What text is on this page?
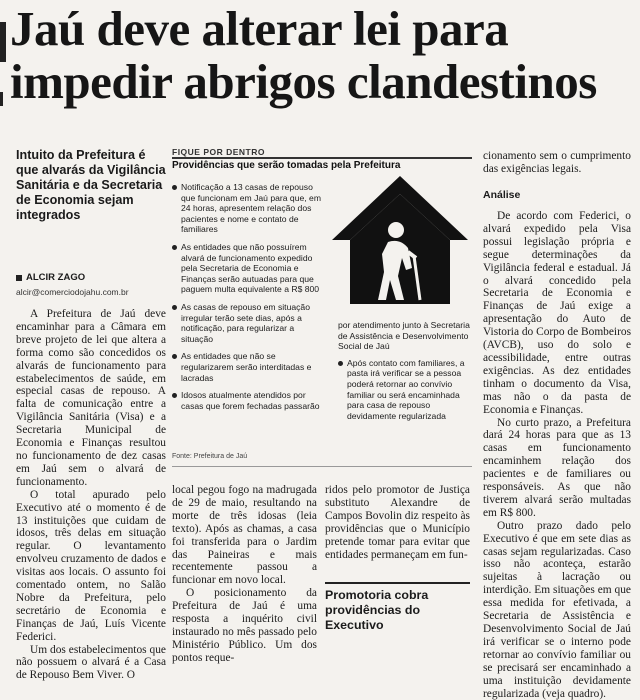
Jaú deve alterar lei para
impedir abrigos clandestinos
Intuito da Prefeitura é que alvarás da Vigilância Sanitária e da Secretaria de Economia sejam integrados
ALCIR ZAGO
alcir@comerciodojahu.com.br

A Prefeitura de Jaú deve encaminhar para a Câmara em breve projeto de lei que altera a forma como são concedidos os alvarás de funcionamento para estabelecimentos de saúde, em especial casas de repouso. A falta de comunicação entre a Vigilância Sanitária (Visa) e a Secretaria Municipal de Economia e Finanças resultou no funcionamento de dez casas em Jaú sem o alvará de funcionamento.

O total apurado pelo Executivo até o momento é de 13 instituições que cuidam de idosos, três delas em situação regular. O levantamento envolveu cruzamento de dados e visitas aos locais. O assunto foi comentado ontem, no Salão Nobre da Prefeitura, pelo secretário de Economia e Finanças de Jaú, Luís Vicente Federici.

Um dos estabelecimentos que não possuem o alvará é a Casa de Repouso Bem Viver. O

FIQUE POR DENTRO
Providências que serão tomadas pela Prefeitura
Notificação a 13 casas de repouso que funcionam em Jaú para que, em 24 horas, apresentem relação dos pacientes e nome e contato de familiares
As entidades que não possuírem alvará de funcionamento expedido pela Secretaria de Economia e Finanças serão autuadas para que paguem multa equivalente a R$ 800
As casas de repouso em situação irregular terão sete dias, após a notificação, para regularizar a situação
As entidades que não se regularizarem serão interditadas e lacradas
Idosos atualmente atendidos por casas que forem fechadas passarão
por atendimento junto à Secretaria de Assistência e Desenvolvimento Social de Jaú
Após contato com familiares, a pasta irá verificar se a pessoa poderá retornar ao convívio familiar ou será encaminhada para casa de repouso devidamente regularizada
Fonte: Prefeitura de Jaú

local pegou fogo na madrugada de 29 de maio, resultando na morte de três idosas (leia texto). Após as chamas, a casa foi transferida para o Jardim das Paineiras e mais recentemente passou a funcionar em novo local.

O posicionamento da Prefeitura de Jaú é uma resposta a inquérito civil instaurado no mês passado pelo Ministério Público. Um dos pontos reque-

ridos pelo promotor de Justiça substituto Alexandre de Campos Bovolin diz respeito às providências que o Município pretende tomar para evitar que entidades permaneçam em fun-

Promotoria cobra providências do Executivo

cionamento sem o cumprimento das exigências legais.

Análise

De acordo com Federici, o alvará expedido pela Visa possui legislação própria e segue determinações da Vigilância federal e estadual. Já o alvará concedido pela Secretaria de Economia e Finanças de Jaú exige a apresentação do Auto de Vistoria do Corpo de Bombeiros (AVCB), uso do solo e acessibilidade, entre outras exigências. As dez entidades tinham o documento da Visa, mas não o da pasta de Economia e Finanças.

No curto prazo, a Prefeitura dará 24 horas para que as 13 casas em funcionamento encaminhem relação dos pacientes e de familiares ou responsáveis. As que não tiverem alvará serão multadas em R$ 800.

Outro prazo dado pelo Executivo é que em sete dias as casas sejam regularizadas. Caso isso não aconteça, estarão sujeitas à lacração ou interdição. Em situações em que essa medida for efetivada, a Secretaria de Assistência e Desenvolvimento Social de Jaú irá verificar se o interno pode retornar ao convívio familiar ou se precisará ser encaminhado a uma instituição devidamente regularizada (veja quadro).
